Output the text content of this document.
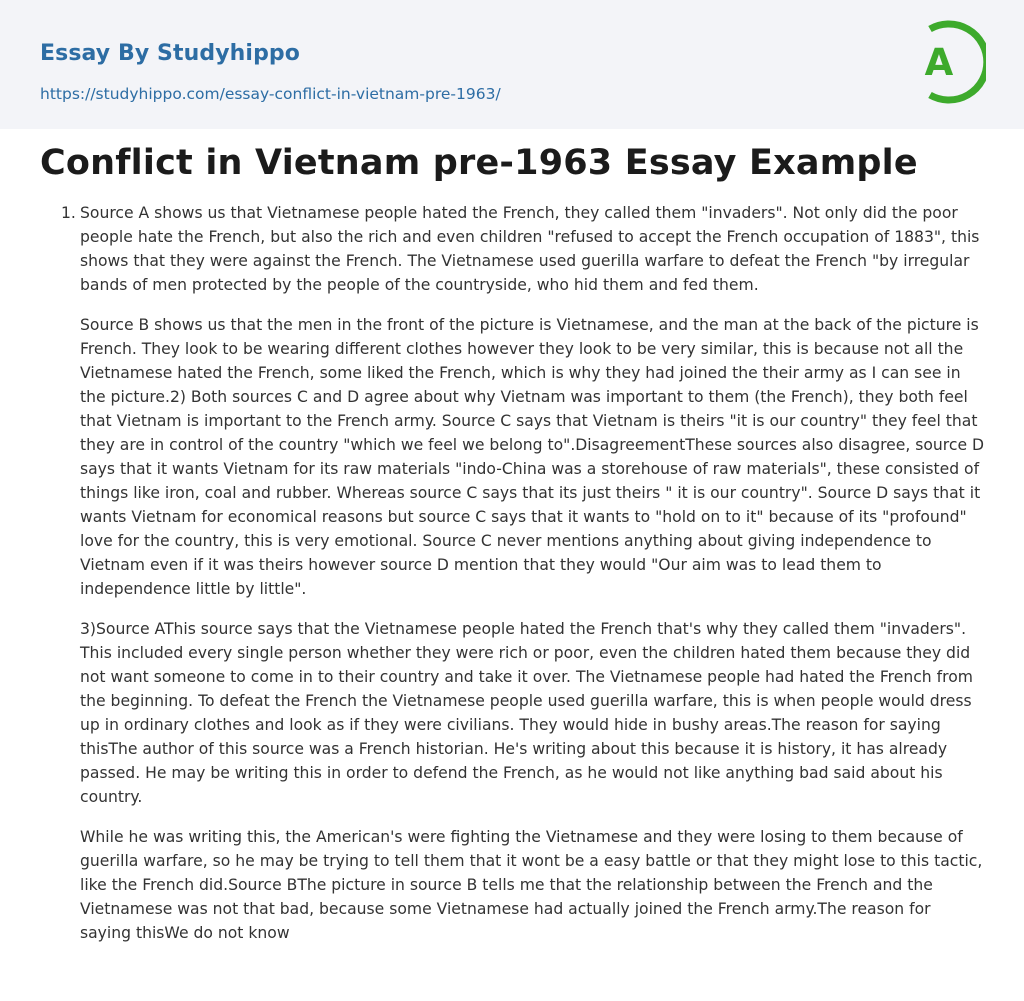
Essay By Studyhippo
https://studyhippo.com/essay-conflict-in-vietnam-pre-1963/
A
Conflict in Vietnam pre-1963 Essay Example
1. Source A shows us that Vietnamese people hated the French, they called them "invaders". Not only did the poor people hate the French, but also the rich and even children "refused to accept the French occupation of 1883", this shows that they were against the French. The Vietnamese used guerilla warfare to defeat the French "by irregular bands of men protected by the people of the countryside, who hid them and fed them.

Source B shows us that the men in the front of the picture is Vietnamese, and the man at the back of the picture is French. They look to be wearing different clothes however they look to be very similar, this is because not all the Vietnamese hated the French, some liked the French, which is why they had joined the their army as I can see in the picture.2) Both sources C and D agree about why Vietnam was important to them (the French), they both feel that Vietnam is important to the French army. Source C says that Vietnam is theirs "it is our country" they feel that they are in control of the country "which we feel we belong to".DisagreementThese sources also disagree, source D says that it wants Vietnam for its raw materials "indo-China was a storehouse of raw materials", these consisted of things like iron, coal and rubber. Whereas source C says that its just theirs " it is our country". Source D says that it wants Vietnam for economical reasons but source C says that it wants to "hold on to it" because of its "profound" love for the country, this is very emotional. Source C never mentions anything about giving independence to Vietnam even if it was theirs however source D mention that they would "Our aim was to lead them to independence little by little".

3)Source AThis source says that the Vietnamese people hated the French that's why they called them "invaders". This included every single person whether they were rich or poor, even the children hated them because they did not want someone to come in to their country and take it over. The Vietnamese people had hated the French from the beginning. To defeat the French the Vietnamese people used guerilla warfare, this is when people would dress up in ordinary clothes and look as if they were civilians. They would hide in bushy areas.The reason for saying thisThe author of this source was a French historian. He's writing about this because it is history, it has already passed. He may be writing this in order to defend the French, as he would not like anything bad said about his country.

While he was writing this, the American's were fighting the Vietnamese and they were losing to them because of guerilla warfare, so he may be trying to tell them that it wont be a easy battle or that they might lose to this tactic, like the French did.Source BThe picture in source B tells me that the relationship between the French and the Vietnamese was not that bad, because some Vietnamese had actually joined the French army.The reason for saying thisWe do not know
